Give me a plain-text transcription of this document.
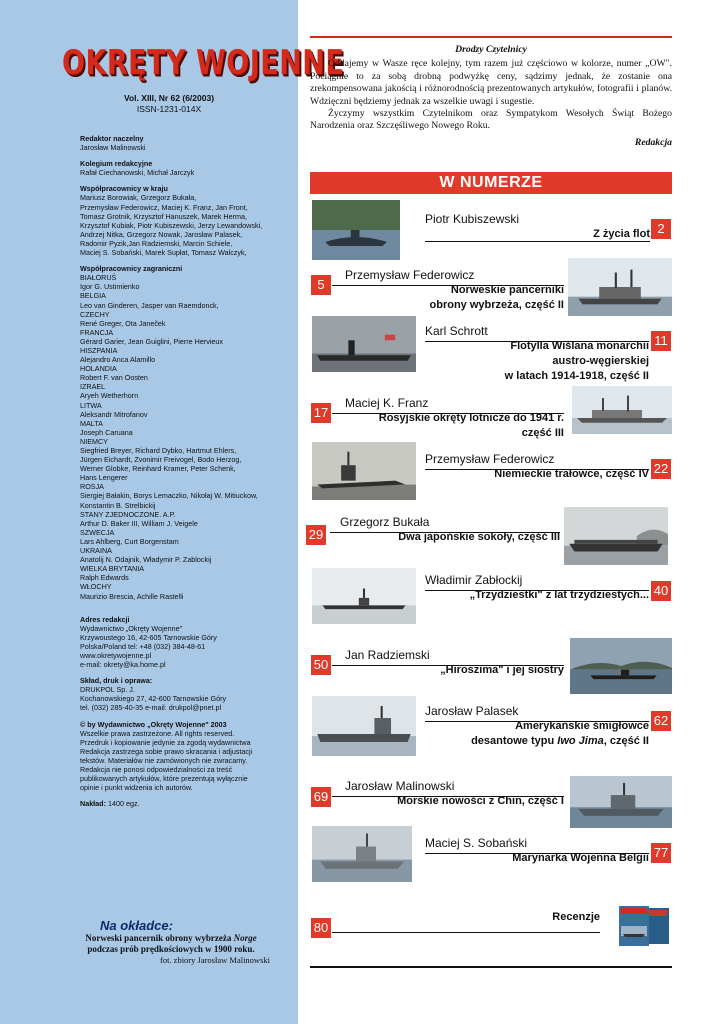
OKRĘTY WOJENNE
Vol. XIII, Nr 62 (6/2003)
ISSN-1231-014X
Redaktor naczelny
Jarosław Malinowski
Kolegium redakcyjne
Rafał Ciechanowski, Michał Jarczyk
Współpracownicy w kraju
Mariusz Borowiak, Grzegorz Bukała,
Przemysław Federowicz, Maciej K. Franz, Jan Front,
Tomasz Grotnik, Krzysztof Hanuszek, Marek Herma,
Krzysztof Kubiak, Piotr Kubiszewski, Jerzy Lewandowski,
Andrzej Nitka, Grzegorz Nowak, Jarosław Palasek,
Radomir Pyzik,Jan Radziemski, Marcin Schiele,
Maciej S. Sobański, Marek Supłat, Tomasz Walczyk,
Współpracownicy zagraniczni
BIAŁORUŚ
Igor G. Ustimienko
BELGIA
Leo van Ginderen, Jasper van Raemdonck,
CZECHY
René Greger, Ota Janeček
FRANCJA
Gérard Garier, Jean Guiglini, Pierre Hervieux
HISZPANIA
Alejandro Anca Alamillo
HOLANDIA
Robert F. van Oosten
IZRAEL
Aryeh Wetherhorn
LITWA
Aleksandr Mitrofanov
MALTA
Joseph Caruana
NIEMCY
Siegfried Breyer, Richard Dybko, Hartmut Ehlers,
Jürgen Eichardt, Zvonimir Freivogel, Bodo Herzog,
Werner Globke, Reinhard Kramer, Peter Schenk,
Hans Lengerer
ROSJA
Siergiej Bałakin, Borys Lemaczko, Nikołaj W. Mitiuckow,
Konstantin B. Strelbickij
STANY ZJEDNOCZONE. A.P.
Arthur D. Baker III, William J. Veigele
SZWECJA
Lars Ahlberg, Curt Borgenstam
UKRAINA
Anatolij N. Odajnik, Władymir P. Zablockij
WIELKA BRYTANIA
Ralph Edwards
WŁOCHY
Maurizio Brescia, Achille Rastelli
Adres redakcji
Wydawnictwo „Okręty Wojenne"
Krzywoustego 16, 42-605 Tarnowskie Góry
Polska/Poland tel: +48 (032) 384-48-61
www.okretywojenne.pl
e-mail: okrety@ka.home.pl
Skład, druk i oprawa:
DRUKPOL Sp. J.
Kochanowskiego 27, 42-600 Tarnowskie Góry
tel. (032) 285-40-35 e-mail: drukpol@pnet.pl
© by Wydawnictwo „Okręty Wojenne" 2003
Wszelkie prawa zastrzeżone. All rights reserved.
Przedruk i kopiowanie jedynie za zgodą wydawnictwa
Redakcja zastrzega sobie prawo skracania i adjustacji
tekstów. Materiałów nie zamówionych nie zwracamy.
Redakcja nie ponosi odpowiedzialności za treść
publikowanych artykułów, które prezentują wyłącznie
opinie i punkt widzenia ich autorów.
Nakład: 1400 egz.
Na okładce:
Norweski pancernik obrony wybrzeża Norge
podczas prób prędkościowych w 1900 roku.
fot. zbiory Jarosław Malinowski
Drodzy Czytelnicy

Oddajemy w Wasze ręce kolejny, tym razem już częściowo w kolorze, numer „OW". Pociągnie to za sobą drobną podwyżkę ceny, sądzimy jednak, że zostanie ona zrekompensowana jakością i różnorodnością prezentowanych artykułów, fotografii i planów. Wdzięczni będziemy jednak za wszelkie uwagi i sugestie.

Życzymy wszystkim Czytelnikom oraz Sympatykom Wesołych Świąt Bożego Narodzenia oraz Szczęśliwego Nowego Roku.

Redakcja
W NUMERZE
Piotr Kubiszewski
Z życia flot 2
Przemysław Federowicz
Norweskie pancerniki
obrony wybrzeża, część II
5
Karl Schrott
Flotylla Wiślana monarchii
austro-węgierskiej
w latach 1914-1918, część II
11
Maciej K. Franz
Rosyjskie okręty lotnicze do 1941 r.
część III
17
Przemysław Federowicz
Niemieckie trałowce, część IV 22
Grzegorz Bukała
Dwa japońskie sokoły, część III
29
Władimir Zabłockij
„Trzydziestki" z lat trzydziestych... 40
Jan Radziemski
„Hiroszima" i jej siostry
50
Jarosław Palasek
Amerykańskie śmigłowce
desantowe typu Iwo Jima, część II
62
Jarosław Malinowski
Morskie nowości z Chin, część I
69
Maciej S. Sobański
Marynarka Wojenna Belgii 77
Recenzje
80
